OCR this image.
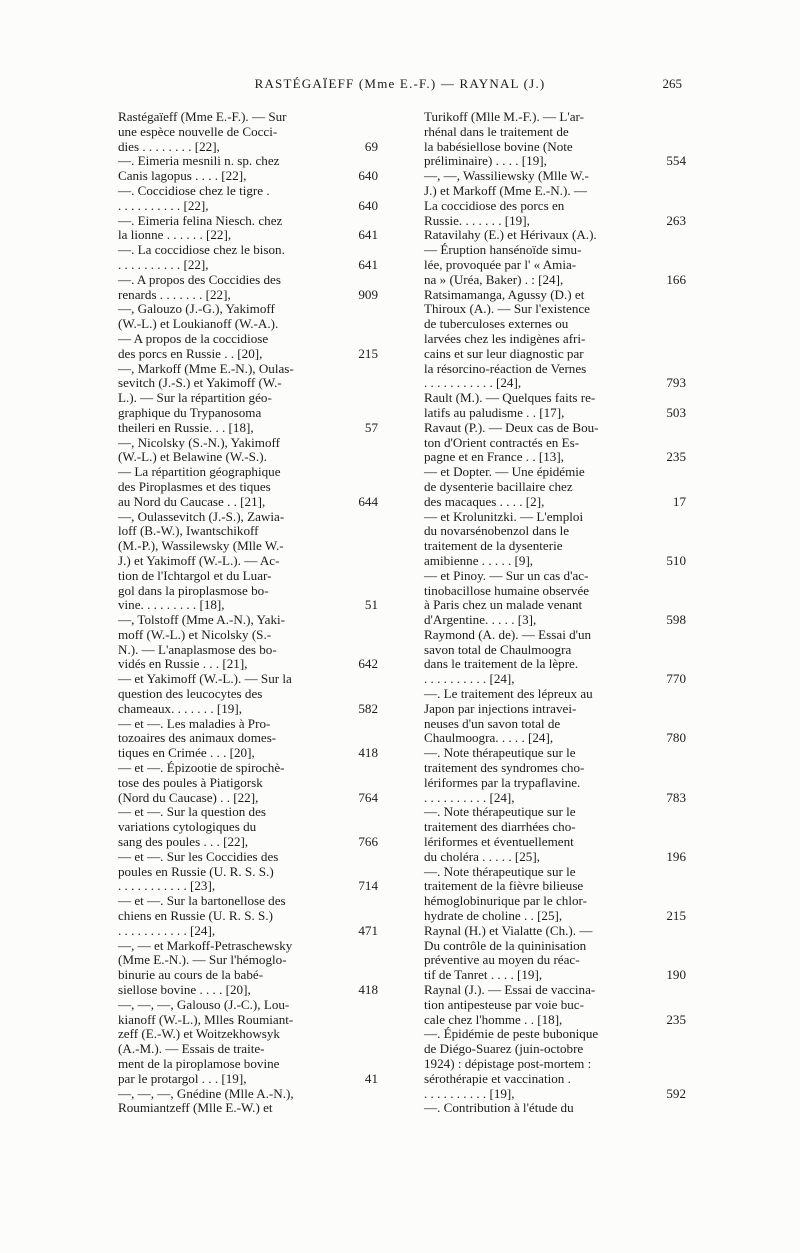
RASTÉGAÏEFF (Mme E.-F.) — RAYNAL (J.)	265
Rastégaïeff (Mme E.-F.). — Sur
une espèce nouvelle de Cocci-
dies . . . . . . . . [22],	69
—. Eimeria mesnili n. sp. chez
Canis lagopus . . . . [22],	640
—. Coccidiose chez le tigre .
. . . . . . . . . . [22],	640
—. Eimeria felina Niesch. chez
la lionne . . . . . . [22],	641
—. La coccidiose chez le bison.
. . . . . . . . . . [22],	641
—. A propos des Coccidies des
renards . . . . . . . [22],	909
—, Galouzo (J.-G.), Yakimoff
(W.-L.) et Loukianoff (W.-A.).
— A propos de la coccidiose
des porcs en Russie . . [20],	215
—, Markoff (Mme E.-N.), Oulas-
sevitch (J.-S.) et Yakimoff (W.-
L.). — Sur la répartition géo-
graphique du Trypanosoma
theileri en Russie. . . [18],	57
—, Nicolsky (S.-N.), Yakimoff
(W.-L.) et Belawine (W.-S.).
— La répartition géographique
des Piroplasmes et des tiques
au Nord du Caucase . . [21],	644
—, Oulassevitch (J.-S.), Zawia-
loff (B.-W.), Iwantschikoff
(M.-P.), Wassilewsky (Mlle W.-
J.) et Yakimoff (W.-L.). — Ac-
tion de l'Ichtargol et du Luar-
gol dans la piroplasmose bo-
vine. . . . . . . . . [18],	51
—, Tolstoff (Mme A.-N.), Yaki-
moff (W.-L.) et Nicolsky (S.-
N.). — L'anaplasmose des bo-
vidés en Russie . . . [21],	642
— et Yakimoff (W.-L.). — Sur la
question des leucocytes des
chameaux. . . . . . . [19],	582
— et —. Les maladies à Pro-
tozoaires des animaux domes-
tiques en Crimée . . . [20],	418
— et —. Épizootie de spirochè-
tose des poules à Piatigorsk
(Nord du Caucase) . . [22],	764
— et —. Sur la question des
variations cytologiques du
sang des poules . . . [22],	766
— et —. Sur les Coccidies des
poules en Russie (U. R. S. S.)
. . . . . . . . . . . [23],	714
— et —. Sur la bartonellose des
chiens en Russie (U. R. S. S.)
. . . . . . . . . . . [24],	471
—, — et Markoff-Petraschewsky
(Mme E.-N.). — Sur l'hémoglo-
binurie au cours de la babé-
siellose bovine . . . . [20],	418
—, —, —, Galouso (J.-C.), Lou-
kianoff (W.-L.), Mlles Roumiant-
zeff (E.-W.) et Woitzekhowsyk
(A.-M.). — Essais de traite-
ment de la piroplamose bovine
par le protargol . . . [19],	41
—, —, —, Gnédine (Mlle A.-N.),
Roumiantzeff (Mlle E.-W.) et
Turikoff (Mlle M.-F.). — L'ar-
rhénal dans le traitement de
la babésiellose bovine (Note
préliminaire) . . . . [19],	554
—, —, Wassiliewsky (Mlle W.-
J.) et Markoff (Mme E.-N.). —
La coccidiose des porcs en
Russie. . . . . . . [19],	263
Ratavilahy (E.) et Hérivaux (A.).
— Éruption hansénoïde simu-
lée, provoquée par l' « Amia-
na » (Uréa, Baker) . : [24],	166
Ratsimamanga, Agussy (D.) et
Thiroux (A.). — Sur l'existence
de tuberculoses externes ou
larvées chez les indigènes afri-
cains et sur leur diagnostic par
la résorcino-réaction de Vernes
. . . . . . . . . . . [24],	793
Rault (M.). — Quelques faits re-
latifs au paludisme . . [17],	503
Ravaut (P.). — Deux cas de Bou-
ton d'Orient contractés en Es-
pagne et en France . . [13],	235
— et Dopter. — Une épidémie
de dysenterie bacillaire chez
des macaques . . . . [2],	17
— et Krolunitzki. — L'emploi
du novarsénobenzol dans le
traitement de la dysenterie
amibienne . . . . . [9],	510
— et Pinoy. — Sur un cas d'ac-
tinobacillose humaine observée
à Paris chez un malade venant
d'Argentine. . . . . [3],	598
Raymond (A. de). — Essai d'un
savon total de Chaulmoogra
dans le traitement de la lèpre.
. . . . . . . . . . [24],	770
—. Le traitement des lépreux au
Japon par injections intravei-
neuses d'un savon total de
Chaulmoogra. . . . . [24],	780
—. Note thérapeutique sur le
traitement des syndromes cho-
lériformes par la trypaflavine.
. . . . . . . . . . [24],	783
—. Note thérapeutique sur le
traitement des diarrhées cho-
lériformes et éventuellement
du choléra . . . . . [25],	196
—. Note thérapeutique sur le
traitement de la fièvre bilieuse
hémoglobinurique par le chlor-
hydrate de choline . . [25],	215
Raynal (H.) et Vialatte (Ch.). —
Du contrôle de la quininisation
préventive au moyen du réac-
tif de Tanret . . . . [19],	190
Raynal (J.). — Essai de vaccina-
tion antipesteuse par voie buc-
cale chez l'homme . . [18],	235
—. Épidémie de peste bubonique
de Diégo-Suarez (juin-octobre
1924) : dépistage post-mortem :
sérothérapie et vaccination .
. . . . . . . . . . [19],	592
—. Contribution à l'étude du
